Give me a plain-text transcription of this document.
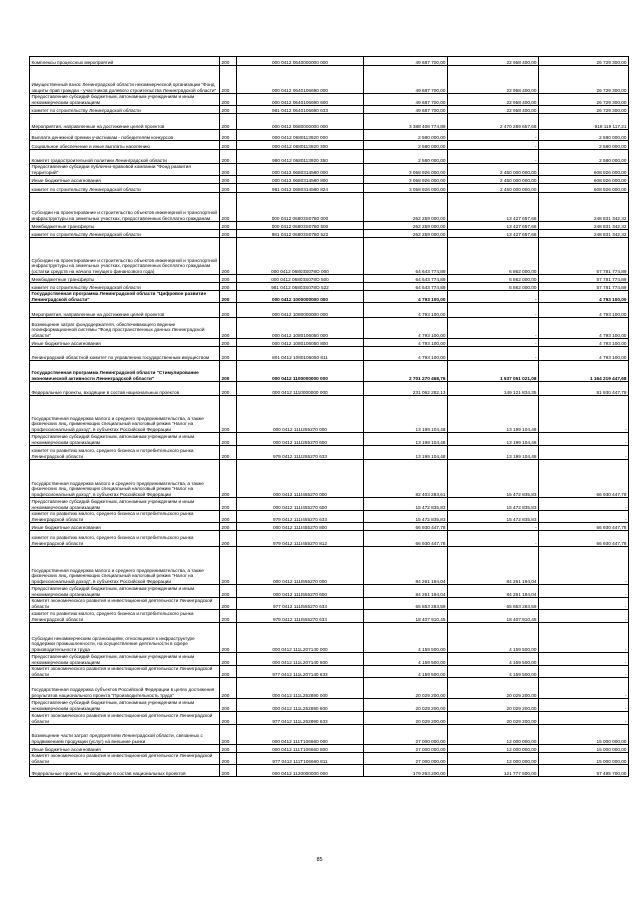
Комплексы процессных мероприятий	200	000 0412 0640000000 000	49 687 700,00	22 958 400,00	26 729 300,00
Имущественный взнос Ленинградской области некоммерческой организации "Фонд защиты прав граждан - участников долевого строительства Ленинградской области"	200	000 0412 0640106690 000	49 687 700,00	22 958 400,00	26 729 300,00
Предоставление субсидий бюджетным, автономным учреждениям и иным некоммерческим организациям	200	000 0412 0640106690 600	49 687 700,00	22 958 400,00	26 729 300,00
комитет по строительству Ленинградской области	200	981 0412 0640106690 633	49 687 700,00	22 958 400,00	26 729 300,00
Мероприятия, направленные на достижение целей проектов	200	000 0412 0680000000 000	3 388 408 774,89	2 470 289 657,68	918 119 117,21
Выплата денежной премии участникам - победителям конкурсов	200	000 0412 0680113920 000	2 580 000,00	-	2 580 000,00
Социальное обеспечение и иные выплаты населению	200	000 0412 0680113920 300	2 580 000,00	-	2 580 000,00
Комитет градостроительной политики Ленинградской области	200	980 0412 0680113920 350	2 580 000,00	-	2 580 000,00
Предоставление субсидии публично-правовой компании "Фонд развития территорий"	200	000 0412 0680314580 000	3 058 926 000,00	2 450 000 000,00	608 926 000,00
Иные бюджетные ассигнования	200	000 0412 0680314580 800	3 058 926 000,00	2 450 000 000,00	608 926 000,00
комитет по строительству Ленинградской области	200	981 0412 0680314580 824	3 058 926 000,00	2 450 000 000,00	608 926 000,00
Субсидии на проектирование и строительство объектов инженерной и транспортной инфраструктуры на земельных участках, предоставленных бесплатно гражданам	200	000 0412 06803S0780 000	262 259 000,00	13 427 657,68	248 831 342,32
Межбюджетные трансферты	200	000 0412 06803S0780 500	262 259 000,00	13 427 657,68	248 831 342,32
комитет по строительству Ленинградской области	200	981 0412 06803S0780 522	262 259 000,00	13 427 657,68	248 831 342,32
Субсидии на проектирование и строительство объектов инженерной и транспортной инфраструктуры на земельных участках, предоставленных бесплатно гражданам (остатки средств на начало текущего финансового года)	200	000 0412 06803S078O 000	64 643 774,89	6 862 000,00	57 781 774,89
Межбюджетные трансферты	200	000 0412 06803S078O 500	64 643 774,89	6 862 000,00	57 781 774,89
комитет по строительству Ленинградской области	200	981 0412 06803S078O 522	64 643 774,89	6 862 000,00	57 781 774,89
Государственная программа Ленинградской области "Цифровое развитие Ленинградской области"	200	000 0412 1000000000 000	4 793 100,00	-	4 793 100,00
Мероприятия, направленные на достижение целей проектов	200	000 0412 1080000000 000	4 793 100,00	-	4 793 100,00
Возмещение затрат фондодержателя, обеспечивающего ведение геоинформационной системы "Фонд пространственных данных Ленинградской области"	200	000 0412 1080106050 000	4 793 100,00	-	4 793 100,00
Иные бюджетные ассигнования	200	000 0412 1080106050 800	4 793 100,00	-	4 793 100,00
Ленинградский областной комитет по управлению государственным имуществом	200	801 0412 1080106050 811	4 793 100,00	-	4 793 100,00
Государственная программа Ленинградской области "Стимулирование экономической активности Ленинградской области"	200	000 0412 1100000000 000	2 701 270 468,76	1 537 051 021,08	1 164 219 447,68
Федеральные проекты, входящие в состав национальных проектов	200	000 0412 1110000000 000	231 062 282,13	149 121 834,35	81 930 447,78
Государственная поддержка малого и среднего предпринимательства, а также физических лиц, применяющих специальный налоговый режим "Налог на профессиональный доход", в субъектах Российской Федерации	200	000 0412 111I255270 000	13 199 104,48	13 199 104,48	-
Предоставление субсидий бюджетным, автономным учреждениям и иным некоммерческим организациям	200	000 0412 111I255270 600	13 199 104,48	13 199 104,48	-
комитет по развитию малого, среднего бизнеса и потребительского рынка Ленинградской области	200	979 0412 111I255270 633	13 199 104,48	13 199 104,48	-
Государственная поддержка малого и среднего предпринимательства, а также физических лиц, применяющих специальный налоговый режим "Налог на профессиональный доход", в субъектах Российской Федерации	200	000 0412 111I455270 000	82 403 283,61	15 472 835,83	66 930 447,78
Предоставление субсидий бюджетным, автономным учреждениям и иным некоммерческим организациям	200	000 0412 111I455270 600	15 472 835,83	15 472 835,83	-
комитет по развитию малого, среднего бизнеса и потребительского рынка Ленинградской области	200	979 0412 111I455270 633	15 472 835,83	15 472 835,83	-
Иные бюджетные ассигнования	200	000 0412 111I455270 800	66 930 447,78	-	66 930 447,78
комитет по развитию малого, среднего бизнеса и потребительского рынка Ленинградской области	200	979 0412 111I455270 812	66 930 447,78	-	66 930 447,78
Государственная поддержка малого и среднего предпринимательства, а также физических лиц, применяющих специальный налоговый режим "Налог на профессиональный доход", в субъектах Российской Федерации	200	000 0412 111I555270 000	84 261 194,04	84 261 194,04	-
Предоставление субсидий бюджетным, автономным учреждениям и иным некоммерческим организациям	200	000 0412 111I555270 600	84 261 194,04	84 261 194,04	-
Комитет экономического развития и инвестиционной деятельности Ленинградской области	200	977 0412 111I555270 633	65 853 283,59	65 853 283,59	-
комитет по развитию малого, среднего бизнеса и потребительского рынка Ленинградской области	200	979 0412 111I555270 633	18 407 910,45	18 407 910,45	-
Субсидии некоммерческим организациям, относящимся к инфраструктуре поддержки промышленности, на осуществление деятельности в сфере производительности труда	200	000 0412 111L207140 000	4 159 500,00	4 159 500,00	-
Предоставление субсидий бюджетным, автономным учреждениям и иным некоммерческим организациям	200	000 0412 111L207140 600	4 159 500,00	4 159 500,00	-
Комитет экономического развития и инвестиционной деятельности Ленинградской области	200	977 0412 111L207140 633	4 159 500,00	4 159 500,00	-
Государственная поддержка субъектов Российской Федерации в целях достижения результатов национального проекта "Производительность труда"	200	000 0412 111L252890 000	20 029 200,00	20 029 200,00	-
Предоставление субсидий бюджетным, автономным учреждениям и иным некоммерческим организациям	200	000 0412 111L252890 600	20 029 200,00	20 029 200,00	-
Комитет экономического развития и инвестиционной деятельности Ленинградской области	200	977 0412 111L252890 633	20 029 200,00	20 029 200,00	-
Возмещение части затрат предприятиям Ленинградской области, связанных с продвижением продукции (услуг) на внешние рынки	200	000 0412 111T106660 000	27 000 000,00	12 000 000,00	15 000 000,00
Иные бюджетные ассигнования	200	000 0412 111T106660 800	27 000 000,00	12 000 000,00	15 000 000,00
Комитет экономического развития и инвестиционной деятельности Ленинградской области	200	977 0412 111T106660 811	27 000 000,00	12 000 000,00	15 000 000,00
Федеральные проекты, не входящие в состав национальных проектов	200	000 0412 1120000000 000	179 263 200,00	121 777 500,00	57 485 700,00
85
